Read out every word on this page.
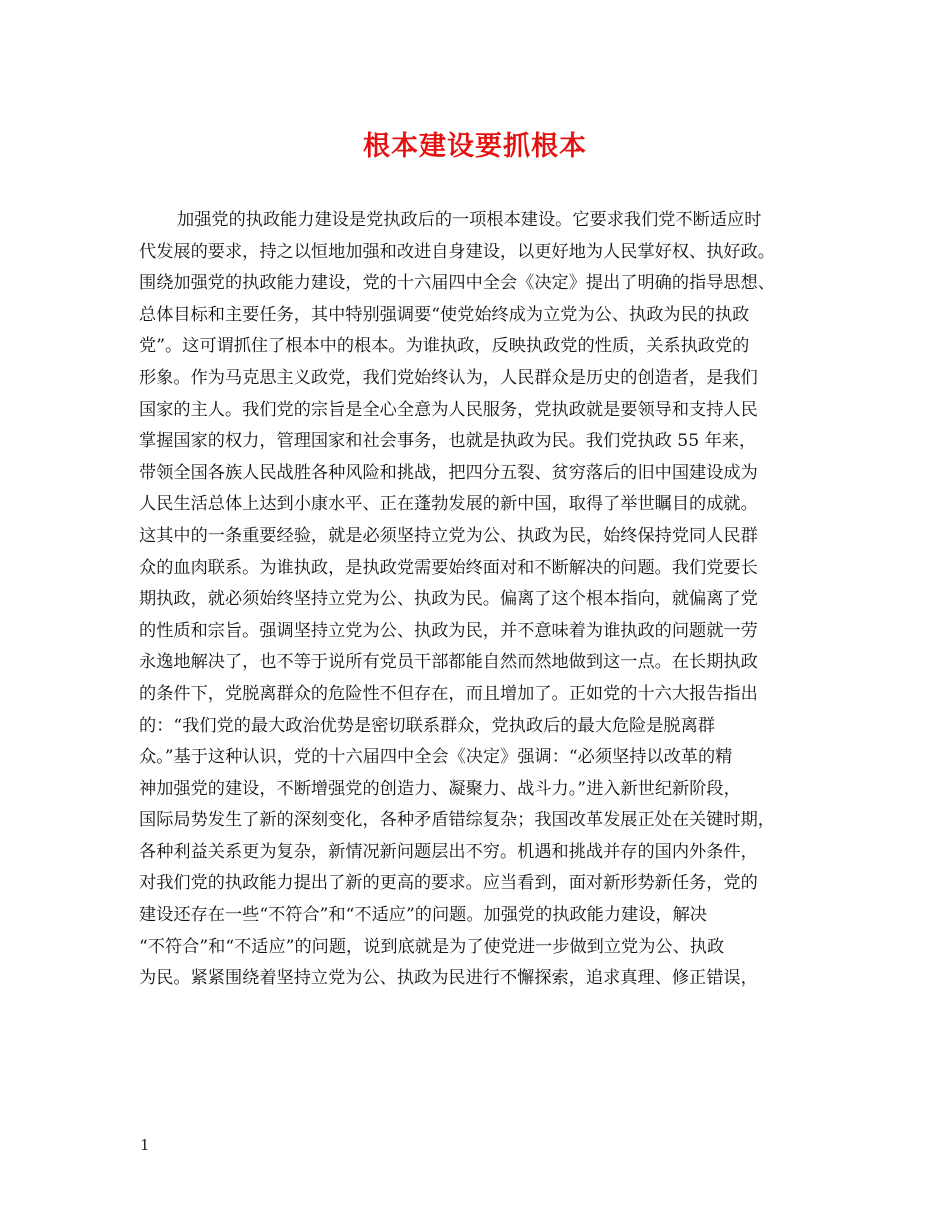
根本建设要抓根本
加强党的执政能力建设是党执政后的一项根本建设。它要求我们党不断适应时
代发展的要求，持之以恒地加强和改进自身建设，以更好地为人民掌好权、执好政。
围绕加强党的执政能力建设，党的十六届四中全会《决定》提出了明确的指导思想、
总体目标和主要任务，其中特别强调要“使党始终成为立党为公、执政为民的执政
党”。这可谓抓住了根本中的根本。为谁执政，反映执政党的性质，关系执政党的
形象。作为马克思主义政党，我们党始终认为，人民群众是历史的创造者，是我们
国家的主人。我们党的宗旨是全心全意为人民服务，党执政就是要领导和支持人民
掌握国家的权力，管理国家和社会事务，也就是执政为民。我们党执政 55 年来，
带领全国各族人民战胜各种风险和挑战，把四分五裂、贫穷落后的旧中国建设成为
人民生活总体上达到小康水平、正在蓬勃发展的新中国，取得了举世瞩目的成就。
这其中的一条重要经验，就是必须坚持立党为公、执政为民，始终保持党同人民群
众的血肉联系。为谁执政，是执政党需要始终面对和不断解决的问题。我们党要长
期执政，就必须始终坚持立党为公、执政为民。偏离了这个根本指向，就偏离了党
的性质和宗旨。强调坚持立党为公、执政为民，并不意味着为谁执政的问题就一劳
永逸地解决了，也不等于说所有党员干部都能自然而然地做到这一点。在长期执政
的条件下，党脱离群众的危险性不但存在，而且增加了。正如党的十六大报告指出
的：“我们党的最大政治优势是密切联系群众，党执政后的最大危险是脱离群
众。”基于这种认识，党的十六届四中全会《决定》强调：“必须坚持以改革的精
神加强党的建设，不断增强党的创造力、凝聚力、战斗力。”进入新世纪新阶段，
国际局势发生了新的深刻变化，各种矛盾错综复杂；我国改革发展正处在关键时期，
各种利益关系更为复杂，新情况新问题层出不穷。机遇和挑战并存的国内外条件，
对我们党的执政能力提出了新的更高的要求。应当看到，面对新形势新任务，党的
建设还存在一些“不符合”和“不适应”的问题。加强党的执政能力建设，解决
“不符合”和“不适应”的问题，说到底就是为了使党进一步做到立党为公、执政
为民。紧紧围绕着坚持立党为公、执政为民进行不懈探索，追求真理、修正错误，
1
